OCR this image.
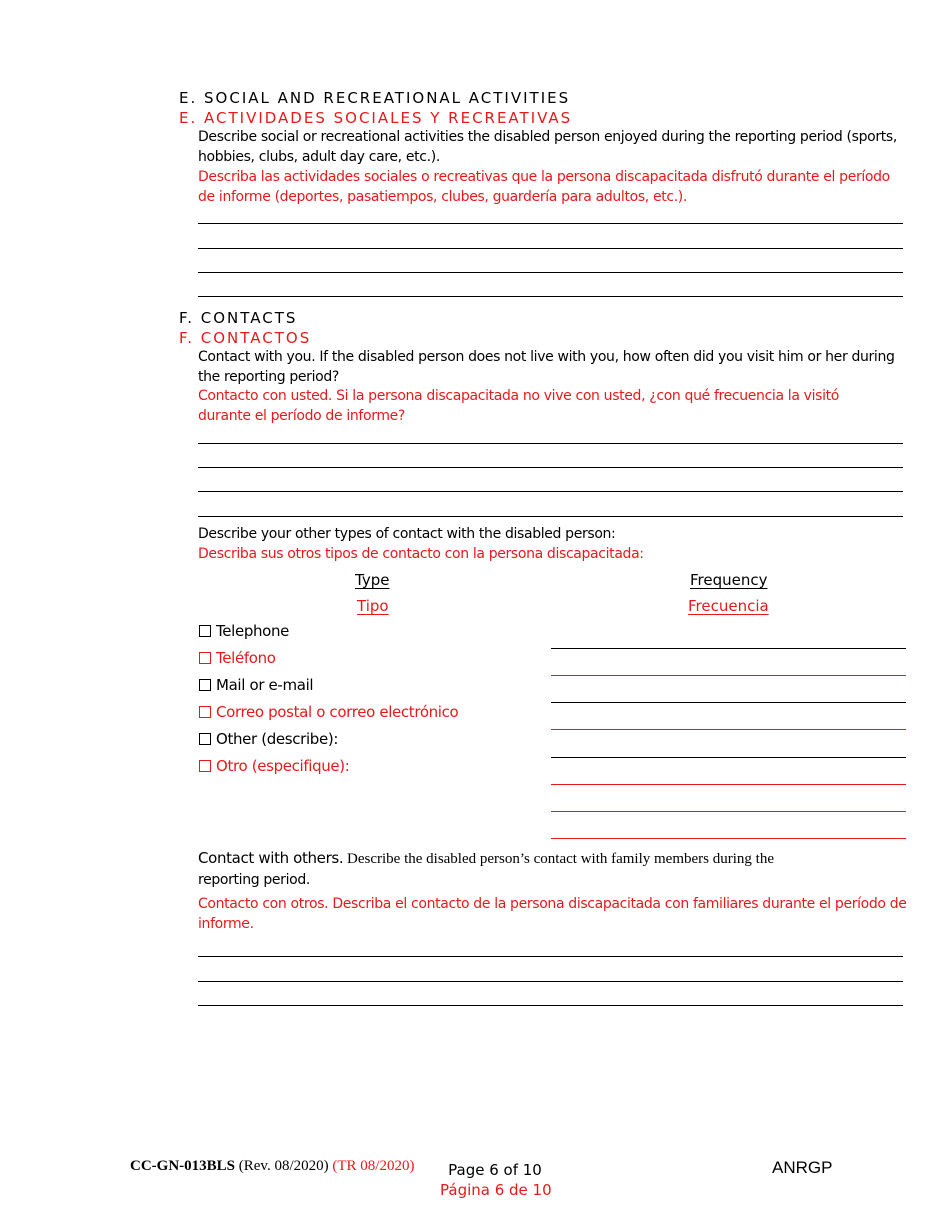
E. SOCIAL AND RECREATIONAL ACTIVITIES
E. ACTIVIDADES SOCIALES Y RECREATIVAS
Describe social or recreational activities the disabled person enjoyed during the reporting period (sports, hobbies, clubs, adult day care, etc.).
Describa las actividades sociales o recreativas que la persona discapacitada disfrutó durante el período de informe (deportes, pasatiempos, clubes, guardería para adultos, etc.).
F. CONTACTS
F. CONTACTOS
Contact with you. If the disabled person does not live with you, how often did you visit him or her during the reporting period?
Contacto con usted. Si la persona discapacitada no vive con usted, ¿con qué frecuencia la visitó durante el período de informe?
Describe your other types of contact with the disabled person:
Describa sus otros tipos de contacto con la persona discapacitada:
Type
Tipo
Frequency
Frecuencia
Telephone
Teléfono
Mail or e-mail
Correo postal o correo electrónico
Other (describe):
Otro (especifique):
Contact with others. Describe the disabled person’s contact with family members during the
reporting period.
Contacto con otros. Describa el contacto de la persona discapacitada con familiares durante el período de informe.
CC-GN-013BLS (Rev. 08/2020) (TR 08/2020) Page 6 of 10
Página 6 de 10
ANRGP
